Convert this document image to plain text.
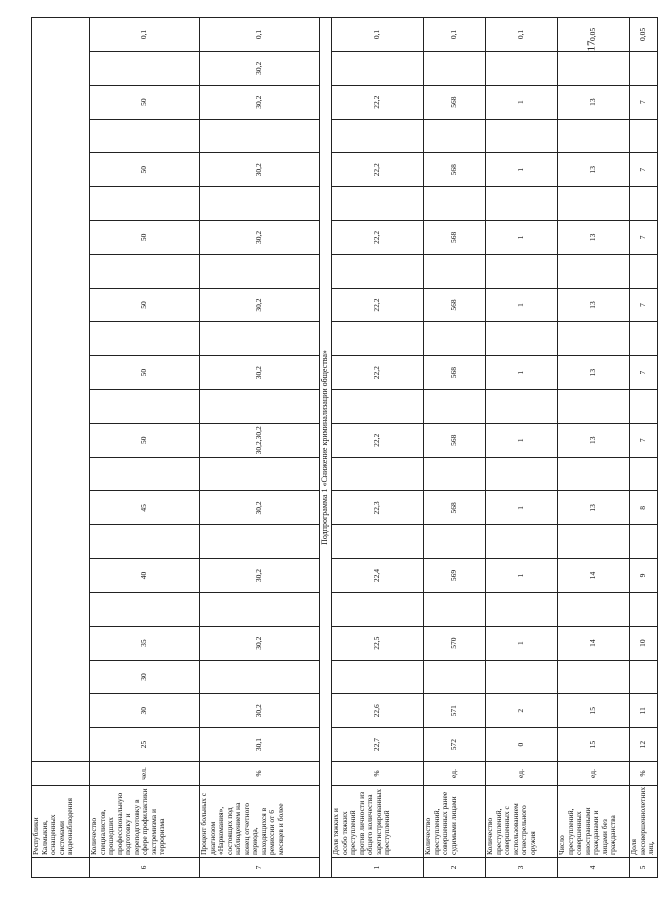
	Республики Калмыкия, оснащенных системами видеонаблюдения																							
6	Количество специалистов, прошедших профессиональную подготовку и переподготовку в сфере профилактики экстремизма и терроризма	чел.	25	30	30	35		40		45		50		50		50		50		50		50		0,1
7	Процент больных с диагнозом «Наркомания», состоящих под наблюдением на конец отчетного периода, находящихся в ремиссии от 6 месяцев и более	%	30,1	30,2		30,2		30,2		30,2		30,2,30,2		30,2		30,2		30,2		30,2		30,2	30,2	0,1
Подпрограмма 1 «Снижение криминализации общества»																								
1	Доля тяжких и особо тяжких преступлений против личности из общего количества зарегистрированных преступлений	%	22,7	22,6		22,5		22,4		22,3		22,2		22,2		22,2		22,2		22,2		22,2		0,1
2	Количество преступлений, совершенных ранее судимыми лицами	ед.	572	571		570		569		568		568		568		568		568		568		568		0,1
3	Количество преступлений, совершенных с использованием огнестрельного оружия	ед.	0	2		1		1		1		1		1		1		1		1		1		0,1
4	Число преступлений, совершенных иностранными гражданами и лицами без гражданства	ед.	15	15		14		14		13		13		13		13		13		13		13		0,05
5	Доля несовершеннолетних лиц,	%	12	11		10		9		8		7		7		7		7		7		7		0,05
17
